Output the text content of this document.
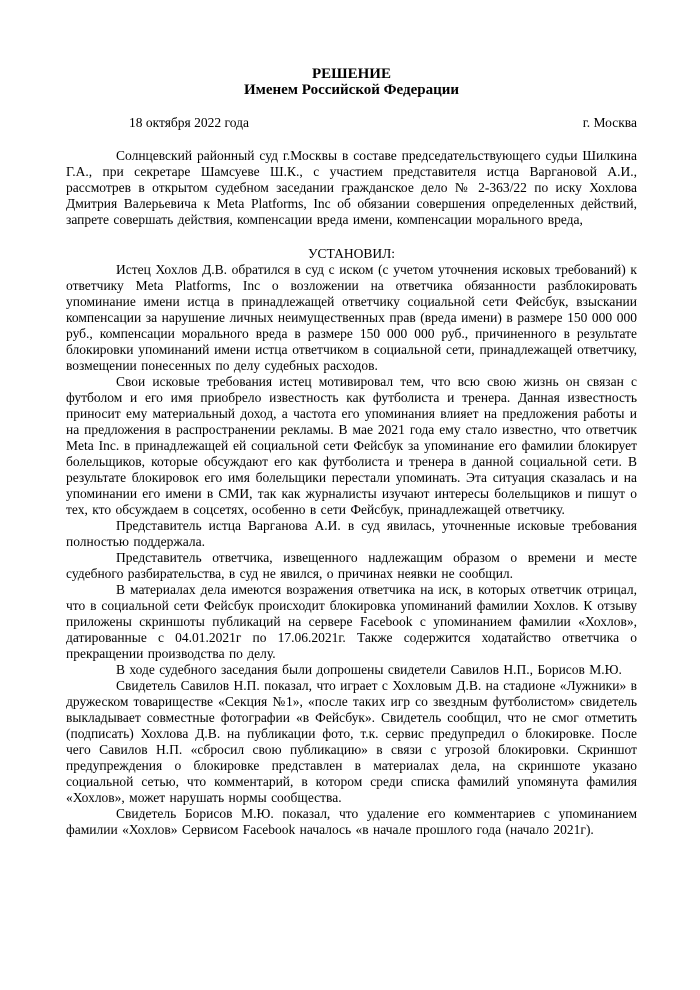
РЕШЕНИЕ
Именем Российской Федерации
18 октября 2022 года	г. Москва

Солнцевский районный суд г.Москвы в составе председательствующего судьи Шилкина Г.А., при секретаре Шамсуеве Ш.К., с участием представителя истца Варгановой А.И., рассмотрев в открытом судебном заседании гражданское дело № 2-363/22 по иску Хохлова Дмитрия Валерьевича к Meta Platforms, Inc об обязании совершения определенных действий, запрете совершать действия, компенсации вреда имени, компенсации морального вреда,

УСТАНОВИЛ:

Истец Хохлов Д.В. обратился в суд с иском (с учетом уточнения исковых требований) к ответчику Meta Platforms, Inc о возложении на ответчика обязанности разблокировать упоминание имени истца в принадлежащей ответчику социальной сети Фейсбук, взыскании компенсации за нарушение личных неимущественных прав (вреда имени) в размере 150 000 000 руб., компенсации морального вреда в размере 150 000 000 руб., причиненного в результате блокировки упоминаний имени истца ответчиком в социальной сети, принадлежащей ответчику, возмещении понесенных по делу судебных расходов.

Свои исковые требования истец мотивировал тем, что всю свою жизнь он связан с футболом и его имя приобрело известность как футболиста и тренера. Данная известность приносит ему материальный доход, а частота его упоминания влияет на предложения работы и на предложения в распространении рекламы. В мае 2021 года ему стало известно, что ответчик Meta Inc. в принадлежащей ей социальной сети Фейсбук за упоминание его фамилии блокирует болельщиков, которые обсуждают его как футболиста и тренера в данной социальной сети. В результате блокировок его имя болельщики перестали упоминать. Эта ситуация сказалась и на упоминании его имени в СМИ, так как журналисты изучают интересы болельщиков и пишут о тех, кто обсуждаем в соцсетях, особенно в сети Фейсбук, принадлежащей ответчику.

Представитель истца Варганова А.И. в суд явилась, уточненные исковые требования полностью поддержала.

Представитель ответчика, извещенного надлежащим образом о времени и месте судебного разбирательства, в суд не явился, о причинах неявки не сообщил.

В материалах дела имеются возражения ответчика на иск, в которых ответчик отрицал, что в социальной сети Фейсбук происходит блокировка упоминаний фамилии Хохлов. К отзыву приложены скриншоты публикаций на сервере Facebook с упоминанием фамилии «Хохлов», датированные с 04.01.2021г по 17.06.2021г. Также содержится ходатайство ответчика о прекращении производства по делу.

В ходе судебного заседания были допрошены свидетели Савилов Н.П., Борисов М.Ю.

Свидетель Савилов Н.П. показал, что играет с Хохловым Д.В. на стадионе «Лужники» в дружеском товариществе «Секция №1», «после таких игр со звездным футболистом» свидетель выкладывает совместные фотографии «в Фейсбук». Свидетель сообщил, что не смог отметить (подписать) Хохлова Д.В. на публикации фото, т.к. сервис предупредил о блокировке. После чего Савилов Н.П. «сбросил свою публикацию» в связи с угрозой блокировки. Скриншот предупреждения о блокировке представлен в материалах дела, на скриншоте указано социальной сетью, что комментарий, в котором среди списка фамилий упомянута фамилия «Хохлов», может нарушать нормы сообщества.

Свидетель Борисов М.Ю. показал, что удаление его комментариев с упоминанием фамилии «Хохлов» Сервисом Facebook началось «в начале прошлого года (начало 2021г).
